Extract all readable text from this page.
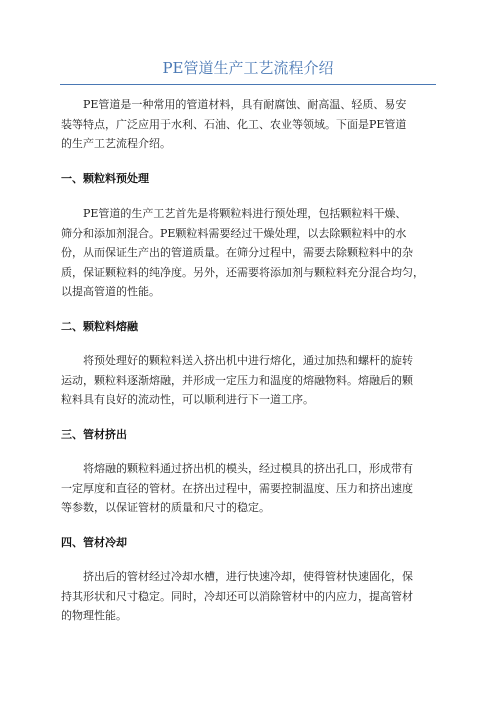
PE管道生产工艺流程介绍
PE管道是一种常用的管道材料，具有耐腐蚀、耐高温、轻质、易安
装等特点，广泛应用于水利、石油、化工、农业等领域。下面是PE管道
的生产工艺流程介绍。
一、颗粒料预处理
PE管道的生产工艺首先是将颗粒料进行预处理，包括颗粒料干燥、
筛分和添加剂混合。PE颗粒料需要经过干燥处理，以去除颗粒料中的水
份，从而保证生产出的管道质量。在筛分过程中，需要去除颗粒料中的杂
质，保证颗粒料的纯净度。另外，还需要将添加剂与颗粒料充分混合均匀，
以提高管道的性能。
二、颗粒料熔融
将预处理好的颗粒料送入挤出机中进行熔化，通过加热和螺杆的旋转
运动，颗粒料逐渐熔融，并形成一定压力和温度的熔融物料。熔融后的颗
粒料具有良好的流动性，可以顺利进行下一道工序。
三、管材挤出
将熔融的颗粒料通过挤出机的模头，经过模具的挤出孔口，形成带有
一定厚度和直径的管材。在挤出过程中，需要控制温度、压力和挤出速度
等参数，以保证管材的质量和尺寸的稳定。
四、管材冷却
挤出后的管材经过冷却水槽，进行快速冷却，使得管材快速固化，保
持其形状和尺寸稳定。同时，冷却还可以消除管材中的内应力，提高管材
的物理性能。
